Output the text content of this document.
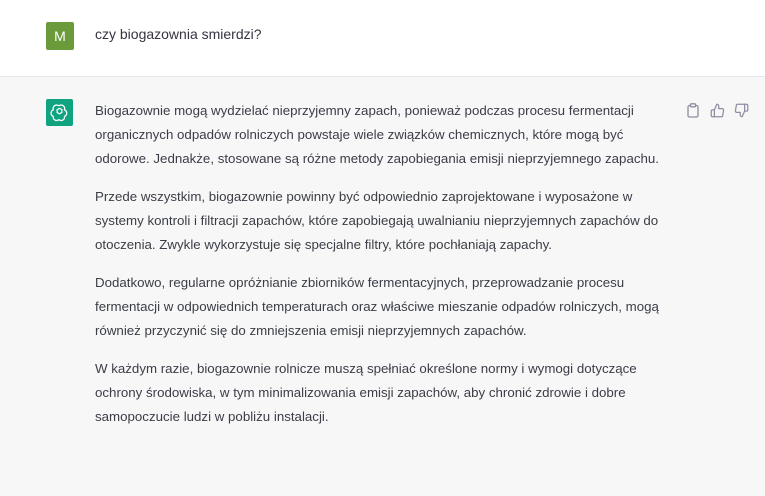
M	czy biogazownia smierdzi?

Biogazownie mogą wydzielać nieprzyjemny zapach, ponieważ podczas procesu fermentacji organicznych odpadów rolniczych powstaje wiele związków chemicznych, które mogą być odorowe. Jednakże, stosowane są różne metody zapobiegania emisji nieprzyjemnego zapachu.

Przede wszystkim, biogazownie powinny być odpowiednio zaprojektowane i wyposażone w systemy kontroli i filtracji zapachów, które zapobiegają uwalnianiu nieprzyjemnych zapachów do otoczenia. Zwykle wykorzystuje się specjalne filtry, które pochłaniają zapachy.

Dodatkowo, regularne opróżnianie zbiorników fermentacyjnych, przeprowadzanie procesu fermentacji w odpowiednich temperaturach oraz właściwe mieszanie odpadów rolniczych, mogą również przyczynić się do zmniejszenia emisji nieprzyjemnych zapachów.

W każdym razie, biogazownie rolnicze muszą spełniać określone normy i wymogi dotyczące ochrony środowiska, w tym minimalizowania emisji zapachów, aby chronić zdrowie i dobre samopoczucie ludzi w pobliżu instalacji.
